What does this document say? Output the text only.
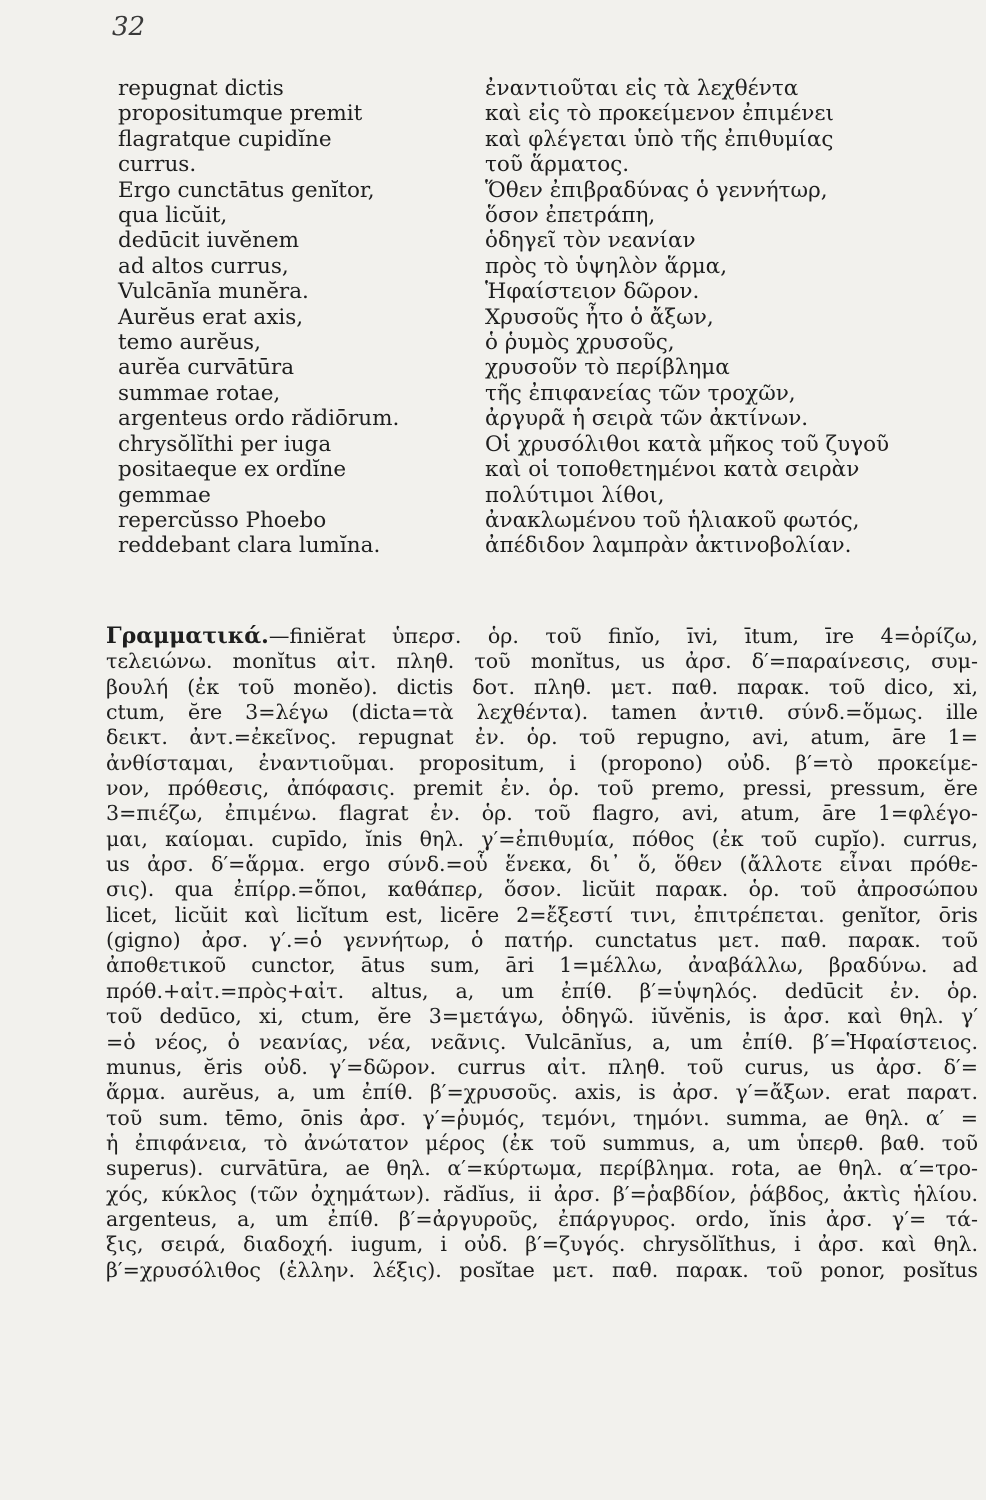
32
repugnat dictis
propositumque premit
flagratque cupidĭne
currus.
Ergo cunctātus genĭtor,
qua licŭit,
dedūcit iuvĕnem
ad altos currus,
Vulcānĭa munĕra.
Aurĕus erat axis,
temo aurĕus,
aurĕa curvātūra
summae rotae,
argenteus ordo rădiōrum.
chrysŏlĭthi per iuga
positaeque ex ordĭne
gemmae
repercŭsso Phoebo
reddebant clara lumĭna.
ἐναντιοῦται εἰς τὰ λεχθέντα
καὶ εἰς τὸ προκείμενον ἐπιμένει
καὶ φλέγεται ὑπὸ τῆς ἐπιθυμίας
τοῦ ἅρματος.
Ὅθεν ἐπιβραδύνας ὁ γεννήτωρ,
ὅσον ἐπετράπη,
ὁδηγεῖ τὸν νεανίαν
πρὸς τὸ ὑψηλὸν ἅρμα,
Ἡφαίστειον δῶρον.
Χρυσοῦς ἦτο ὁ ἄξων,
ὁ ῥυμὸς χρυσοῦς,
χρυσοῦν τὸ περίβλημα
τῆς ἐπιφανείας τῶν τροχῶν,
ἀργυρᾶ ἡ σειρὰ τῶν ἀκτίνων.
Οἱ χρυσόλιθοι κατὰ μῆκος τοῦ ζυγοῦ
καὶ οἱ τοποθετημένοι κατὰ σειρὰν
πολύτιμοι λίθοι,
ἀνακλωμένου τοῦ ἡλιακοῦ φωτός,
ἀπέδιδον λαμπρὰν ἀκτινοβολίαν.
Γραμματικά.—finiĕrat ὑπερσ. ὁρ. τοῦ finĭo, īvi, ītum, īre 4=ὁρίζω,
τελειώνω. monĭtus αἰτ. πληθ. τοῦ monĭtus, us ἀρσ. δ′=παραίνεσις, συμ-
βουλή (ἐκ τοῦ monĕo). dictis δοτ. πληθ. μετ. παθ. παρακ. τοῦ dico, xi,
ctum, ĕre 3=λέγω (dicta=τὰ λεχθέντα). tamen ἀντιθ. σύνδ.=ὅμως. ille
δεικτ. ἀντ.=ἐκεῖνος. repugnat ἐν. ὁρ. τοῦ repugno, avi, atum, āre 1=
ἀνθίσταμαι, ἐναντιοῦμαι. propositum, i (propono) οὐδ. β′=τὸ προκείμε-
νον, πρόθεσις, ἀπόφασις. premit ἐν. ὁρ. τοῦ premo, pressi, pressum, ĕre
3=πιέζω, ἐπιμένω. flagrat ἐν. ὁρ. τοῦ flagro, avi, atum, āre 1=φλέγο-
μαι, καίομαι. cupīdo, ĭnis θηλ. γ′=ἐπιθυμία, πόθος (ἐκ τοῦ cupĭo). currus,
us ἀρσ. δ′=ἅρμα. ergo σύνδ.=οὗ ἕνεκα, δι᾿ ὅ, ὅθεν (ἄλλοτε εἶναι πρόθε-
σις). qua ἐπίρρ.=ὅποι, καθάπερ, ὅσον. licŭit παρακ. ὁρ. τοῦ ἀπροσώπου
licet, licŭit καὶ licĭtum est, licēre 2=ἔξεστί τινι, ἐπιτρέπεται. genĭtor, ōris
(gigno) ἀρσ. γ′.=ὁ γεννήτωρ, ὁ πατήρ. cunctatus μετ. παθ. παρακ. τοῦ
ἀποθετικοῦ cunctor, ātus sum, āri 1=μέλλω, ἀναβάλλω, βραδύνω. ad
πρόθ.+αἰτ.=πρὸς+αἰτ. altus, a, um ἐπίθ. β′=ὑψηλός. dedūcit ἐν. ὁρ.
τοῦ dedūco, xi, ctum, ĕre 3=μετάγω, ὁδηγῶ. iŭvĕnis, is ἀρσ. καὶ θηλ. γ′
=ὁ νέος, ὁ νεανίας, νέα, νεᾶνις. Vulcānĭus, a, um ἐπίθ. β′=Ἡφαίστειος.
munus, ĕris οὐδ. γ′=δῶρον. currus αἰτ. πληθ. τοῦ curus, us ἀρσ. δ′=
ἅρμα. aurĕus, a, um ἐπίθ. β′=χρυσοῦς. axis, is ἀρσ. γ′=ἄξων. erat παρατ.
τοῦ sum. tēmo, ōnis ἀρσ. γ′=ῥυμός, τεμόνι, τημόνι. summa, ae θηλ. α′ =
ἡ ἐπιφάνεια, τὸ ἀνώτατον μέρος (ἐκ τοῦ summus, a, um ὑπερθ. βαθ. τοῦ
superus). curvātūra, ae θηλ. α′=κύρτωμα, περίβλημα. rota, ae θηλ. α′=τρο-
χός, κύκλος (τῶν ὀχημάτων). rădĭus, ii ἀρσ. β′=ῥαβδίον, ῥάβδος, ἀκτὶς ἡλίου.
argenteus, a, um ἐπίθ. β′=ἀργυροῦς, ἐπάργυρος. ordo, ĭnis ἀρσ. γ′= τά-
ξις, σειρά, διαδοχή. iugum, i οὐδ. β′=ζυγός. chrysŏlĭthus, i ἀρσ. καὶ θηλ.
β′=χρυσόλιθος (ἑλλην. λέξις). posĭtae μετ. παθ. παρακ. τοῦ ponor, posĭtus
